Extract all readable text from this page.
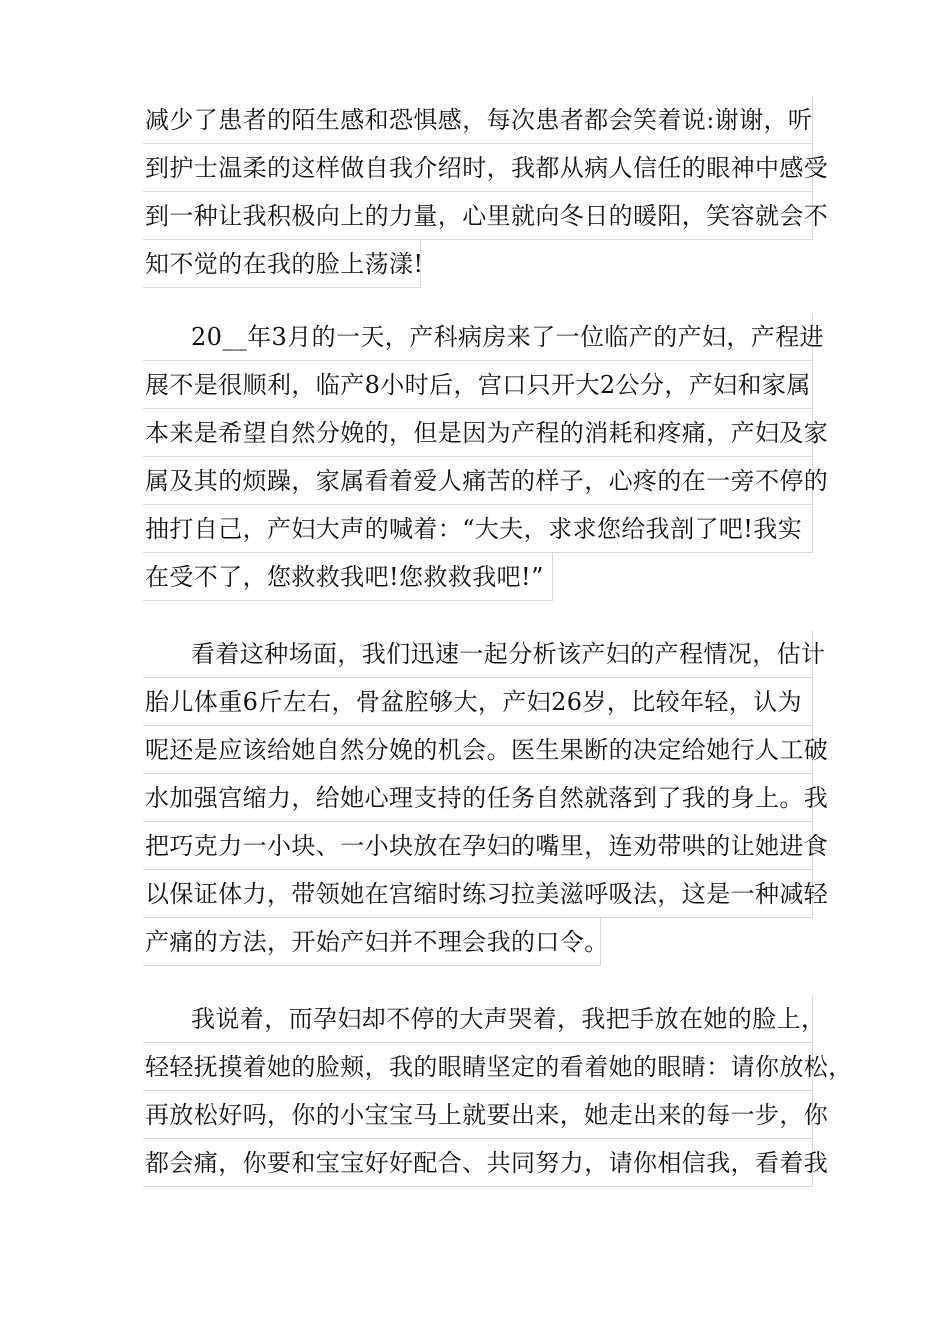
减少了患者的陌生感和恐惧感，每次患者都会笑着说:谢谢，听
到护士温柔的这样做自我介绍时，我都从病人信任的眼神中感受
到一种让我积极向上的力量，心里就向冬日的暖阳，笑容就会不
知不觉的在我的脸上荡漾!
20__年3月的一天，产科病房来了一位临产的产妇，产程进
展不是很顺利，临产8小时后，宫口只开大2公分，产妇和家属
本来是希望自然分娩的，但是因为产程的消耗和疼痛，产妇及家
属及其的烦躁，家属看着爱人痛苦的样子，心疼的在一旁不停的
抽打自己，产妇大声的喊着：“大夫，求求您给我剖了吧!我实
在受不了，您救救我吧!您救救我吧!”
看着这种场面，我们迅速一起分析该产妇的产程情况，估计
胎儿体重6斤左右，骨盆腔够大，产妇26岁，比较年轻，认为
呢还是应该给她自然分娩的机会。医生果断的决定给她行人工破
水加强宫缩力，给她心理支持的任务自然就落到了我的身上。我
把巧克力一小块、一小块放在孕妇的嘴里，连劝带哄的让她进食
以保证体力，带领她在宫缩时练习拉美滋呼吸法，这是一种减轻
产痛的方法，开始产妇并不理会我的口令。
我说着，而孕妇却不停的大声哭着，我把手放在她的脸上，
轻轻抚摸着她的脸颊，我的眼睛坚定的看着她的眼睛：请你放松，
再放松好吗，你的小宝宝马上就要出来，她走出来的每一步，你
都会痛，你要和宝宝好好配合、共同努力，请你相信我，看着我
